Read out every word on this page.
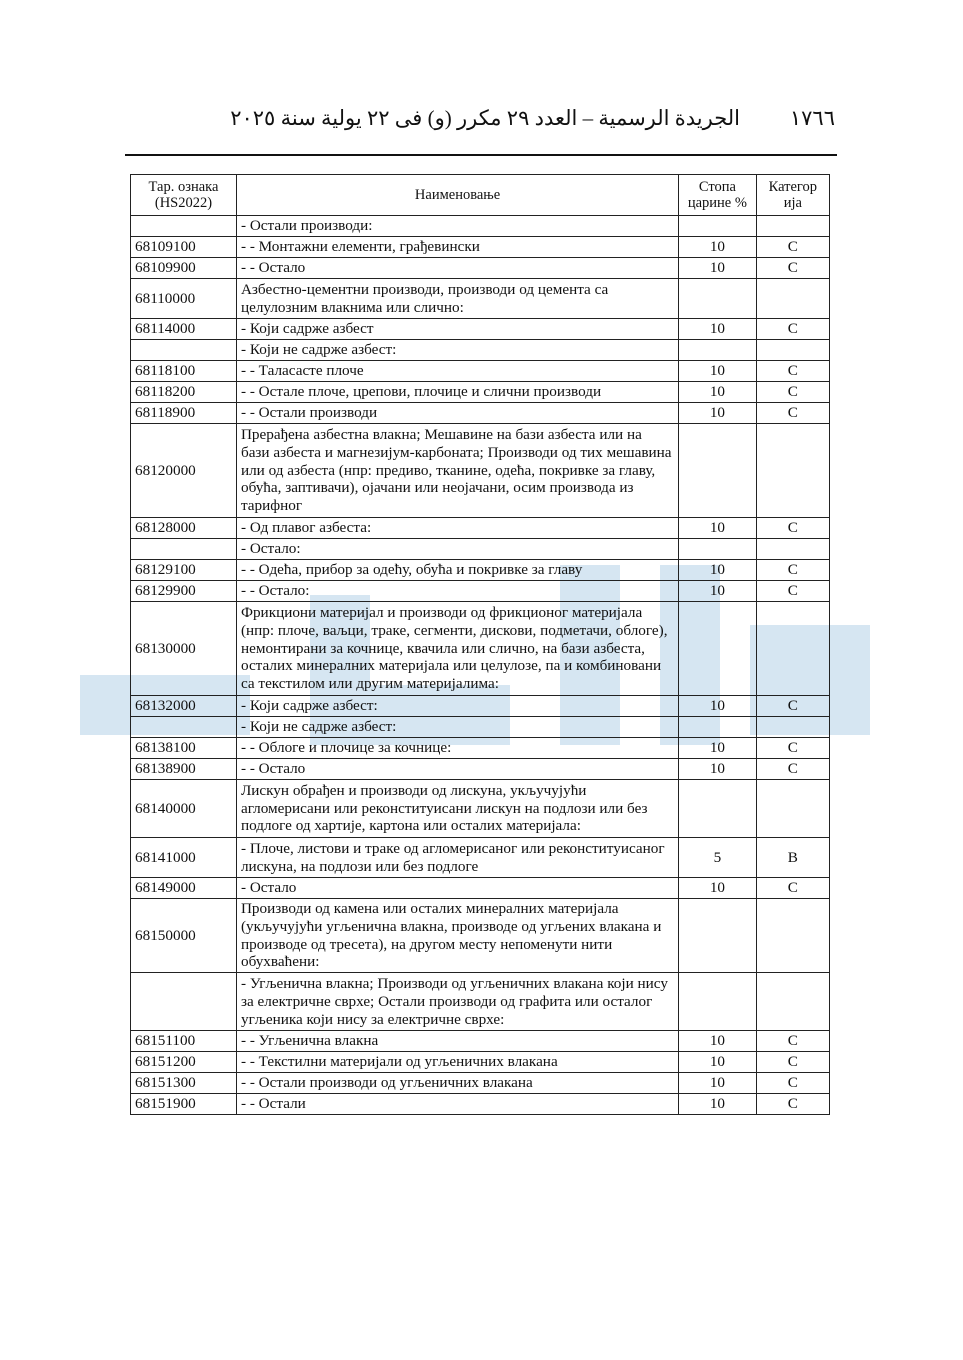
الجريدة الرسمية – العدد ٢٩ مكرر (و) فى ٢٢ يولية سنة ٢٠٢٥ ١٧٦٦
Тар. ознака (HS2022)	Наименовање	Стопа царине %	Категор ија
	- Остали производи:		
68109100	- - Монтажни елементи, грађевински	10	C
68109900	- - Остало	10	C
68110000	Азбестно-цементни производи, производи од цемента са целулозним влакнима или слично:		
68114000	- Који садрже азбест	10	C
	- Који не садрже азбест:		
68118100	- - Таласасте плоче	10	C
68118200	- - Остале плоче, црепови, плочице и слични производи	10	C
68118900	- - Остали производи	10	C
68120000	Прерађена азбестна влакна; Мешавине на бази азбеста или на бази азбеста и магнезијум-карбоната; Производи од тих мешавина или од азбеста (нпр: предиво, тканине, одећа, покривке за главу, обућа, заптивачи), ојачани или неојачани, осим производа из тарифног		
68128000	- Од плавог азбеста:	10	C
	- Остало:		
68129100	- - Одећа, прибор за одећу, обућа и покривке за главу	10	C
68129900	- - Остало:	10	C
68130000	Фрикциони материјал и производи од фрикционог материјала (нпр: плоче, ваљци, траке, сегменти, дискови, подметачи, облоге), немонтирани за кочнице, квачила или слично, на бази азбеста, осталих минералних материјала или целулозе, па и комбиновани са текстилом или другим материјалима:		
68132000	- Који садрже азбест:	10	C
	- Који не садрже азбест:		
68138100	- - Облоге и плочице за кочнице:	10	C
68138900	- - Остало	10	C
68140000	Лискун обрађен и производи од лискуна, укључујући агломерисани или реконституисани лискун на подлози или без подлоге од хартије, картона или осталих материјала:		
68141000	- Плоче, листови и траке од агломерисаног или реконституисаног лискуна, на подлози или без подлоге	5	B
68149000	- Остало	10	C
68150000	Производи од камена или осталих минералних материјала (укључујући угљенична влакна, производе од угљених влакана и производе од тресета), на другом месту непоменути нити обухваћени:		
	- Угљенична влакна; Производи од угљеничних влакана који нису за електричне сврхе; Остали производи од графита или осталог угљеника који нису за електричне сврхе:		
68151100	- - Угљенична влакна	10	C
68151200	- - Текстилни материјали од угљеничних влакана	10	C
68151300	- - Остали производи од угљеничних влакана	10	C
68151900	- - Остали	10	C
